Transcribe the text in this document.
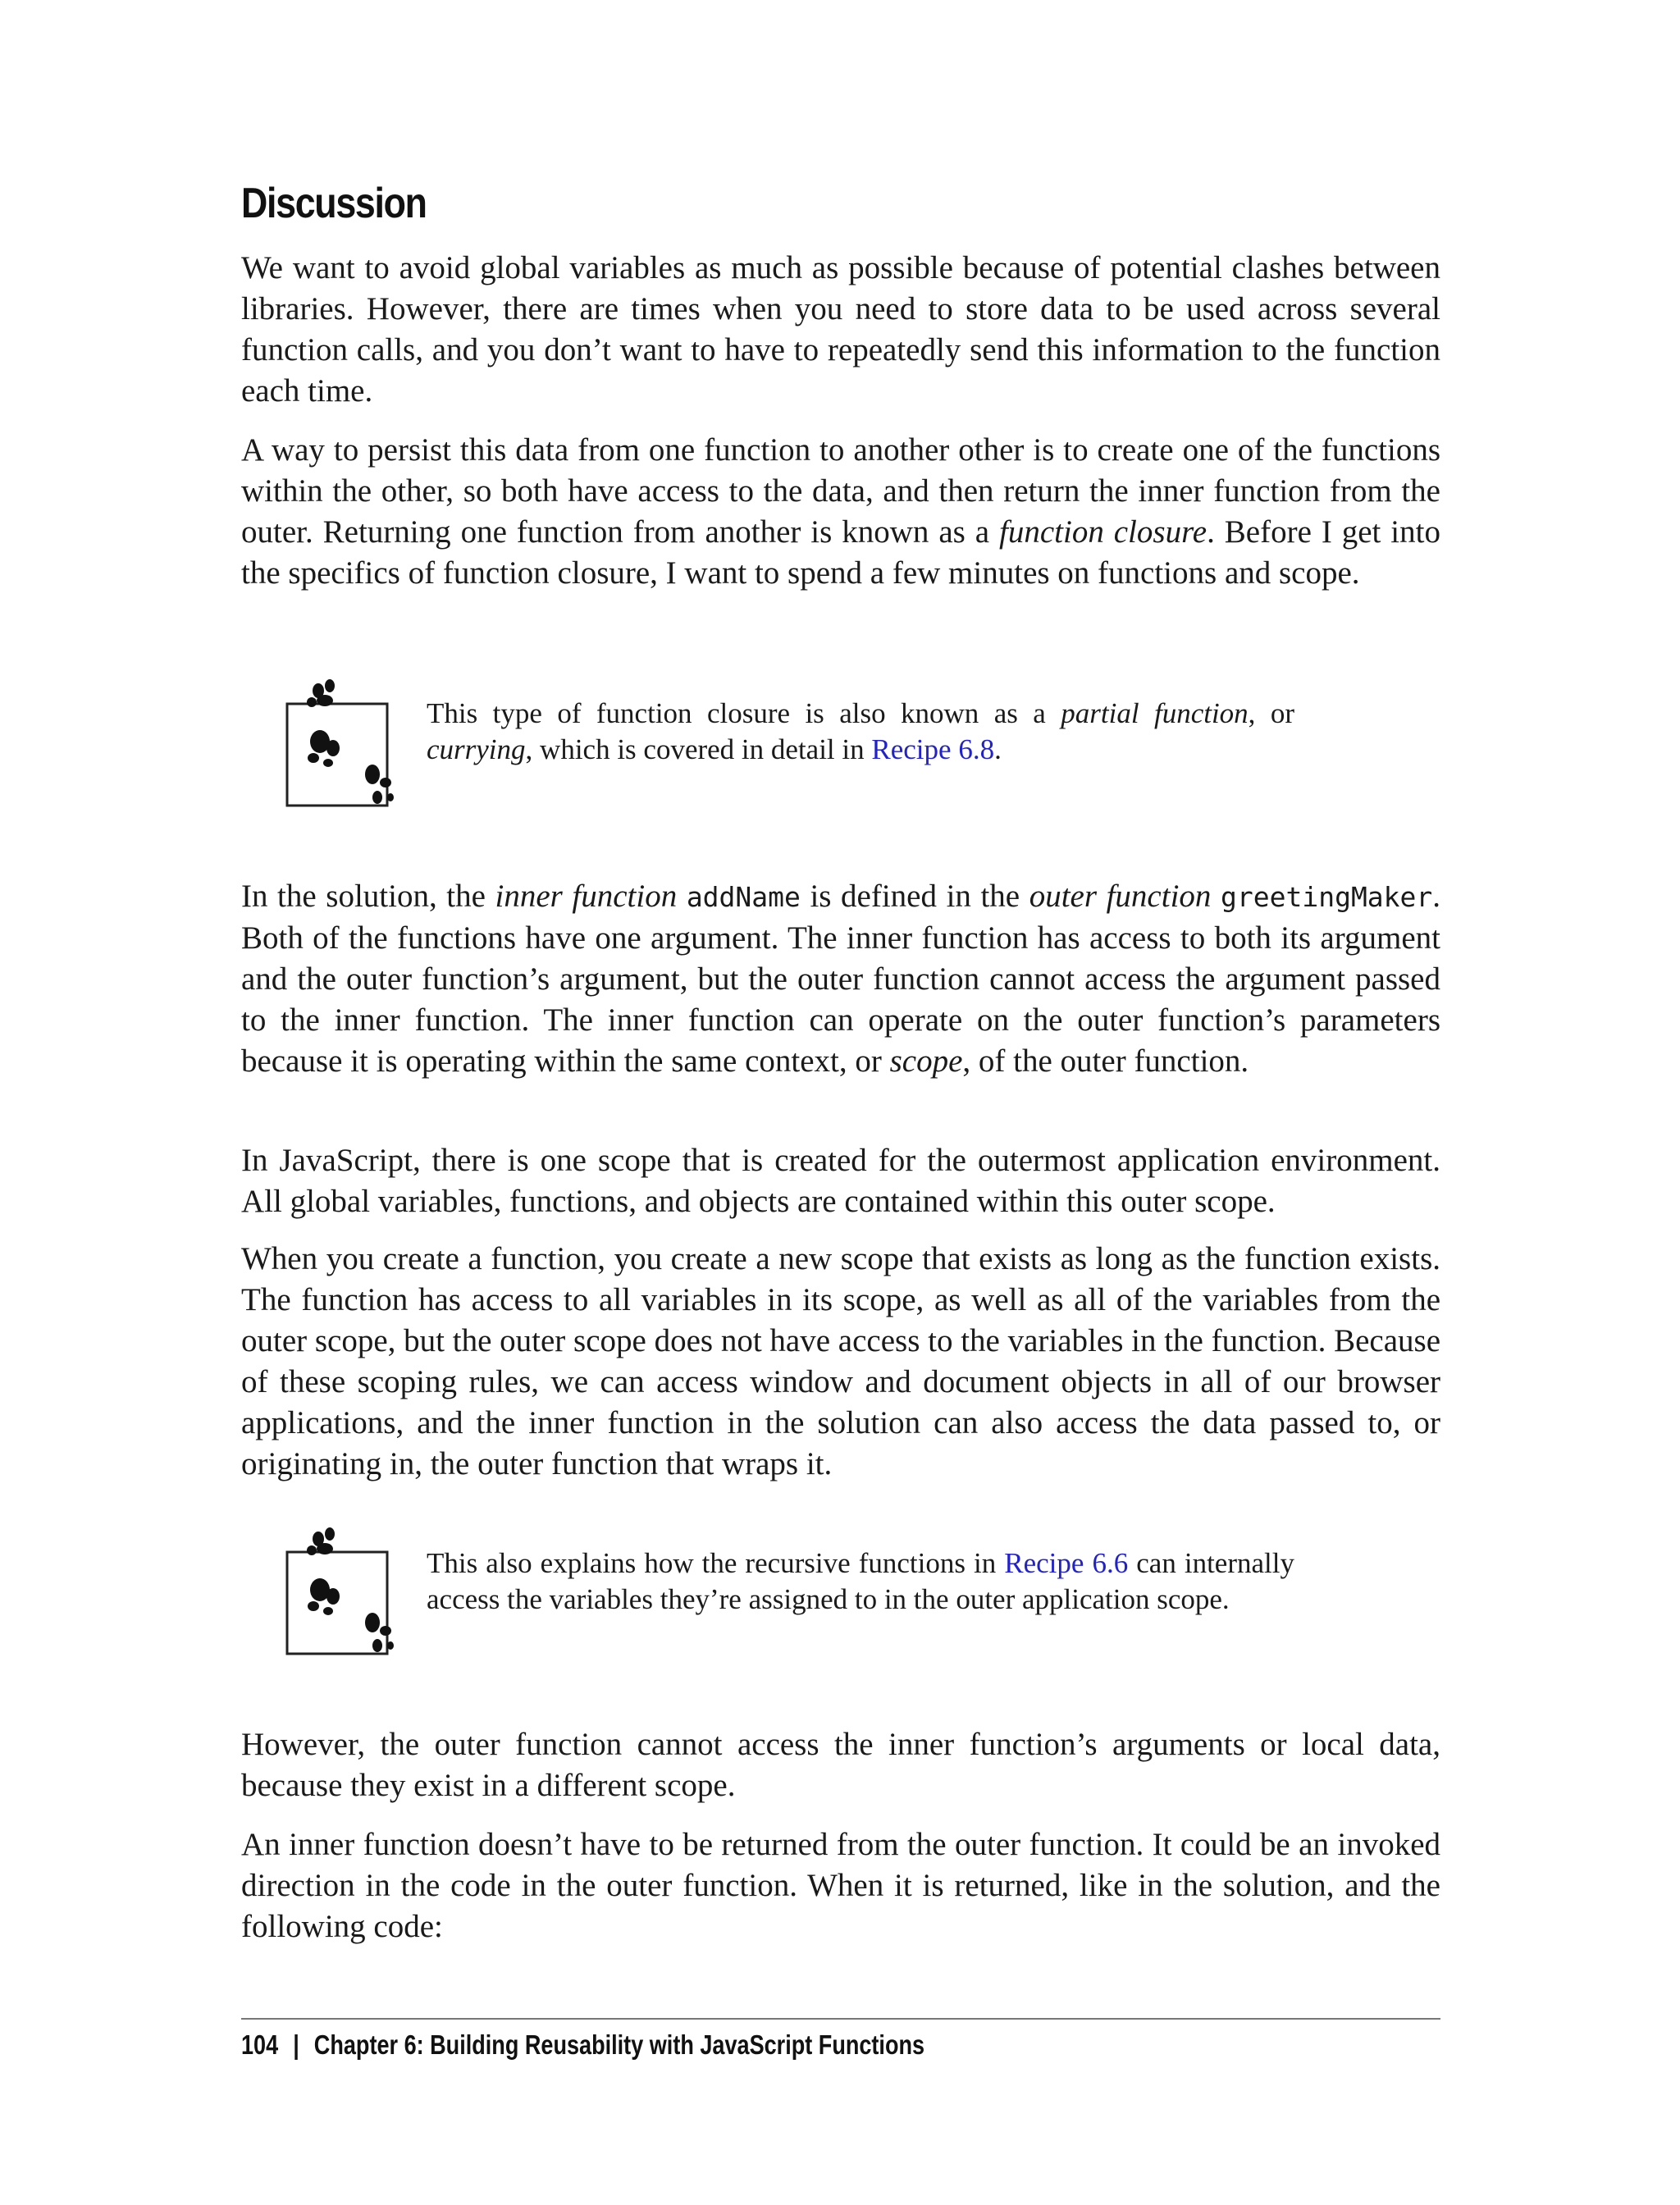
Discussion

We want to avoid global variables as much as possible because of potential clashes between libraries. However, there are times when you need to store data to be used across several function calls, and you don’t want to have to repeatedly send this information to the function each time.

A way to persist this data from one function to another other is to create one of the functions within the other, so both have access to the data, and then return the inner function from the outer. Returning one function from another is known as a function closure. Before I get into the specifics of function closure, I want to spend a few minutes on functions and scope.

This type of function closure is also known as a partial function, or currying, which is covered in detail in Recipe 6.8.

In the solution, the inner function addName is defined in the outer function greetingMaker. Both of the functions have one argument. The inner function has access to both its argument and the outer function’s argument, but the outer function cannot access the argument passed to the inner function. The inner function can operate on the outer function’s parameters because it is operating within the same context, or scope, of the outer function.

In JavaScript, there is one scope that is created for the outermost application environment. All global variables, functions, and objects are contained within this outer scope.

When you create a function, you create a new scope that exists as long as the function exists. The function has access to all variables in its scope, as well as all of the variables from the outer scope, but the outer scope does not have access to the variables in the function. Because of these scoping rules, we can access window and document objects in all of our browser applications, and the inner function in the solution can also access the data passed to, or originating in, the outer function that wraps it.

This also explains how the recursive functions in Recipe 6.6 can internally access the variables they’re assigned to in the outer application scope.

However, the outer function cannot access the inner function’s arguments or local data, because they exist in a different scope.

An inner function doesn’t have to be returned from the outer function. It could be an invoked direction in the code in the outer function. When it is returned, like in the solution, and the following code:

104 | Chapter 6: Building Reusability with JavaScript Functions
